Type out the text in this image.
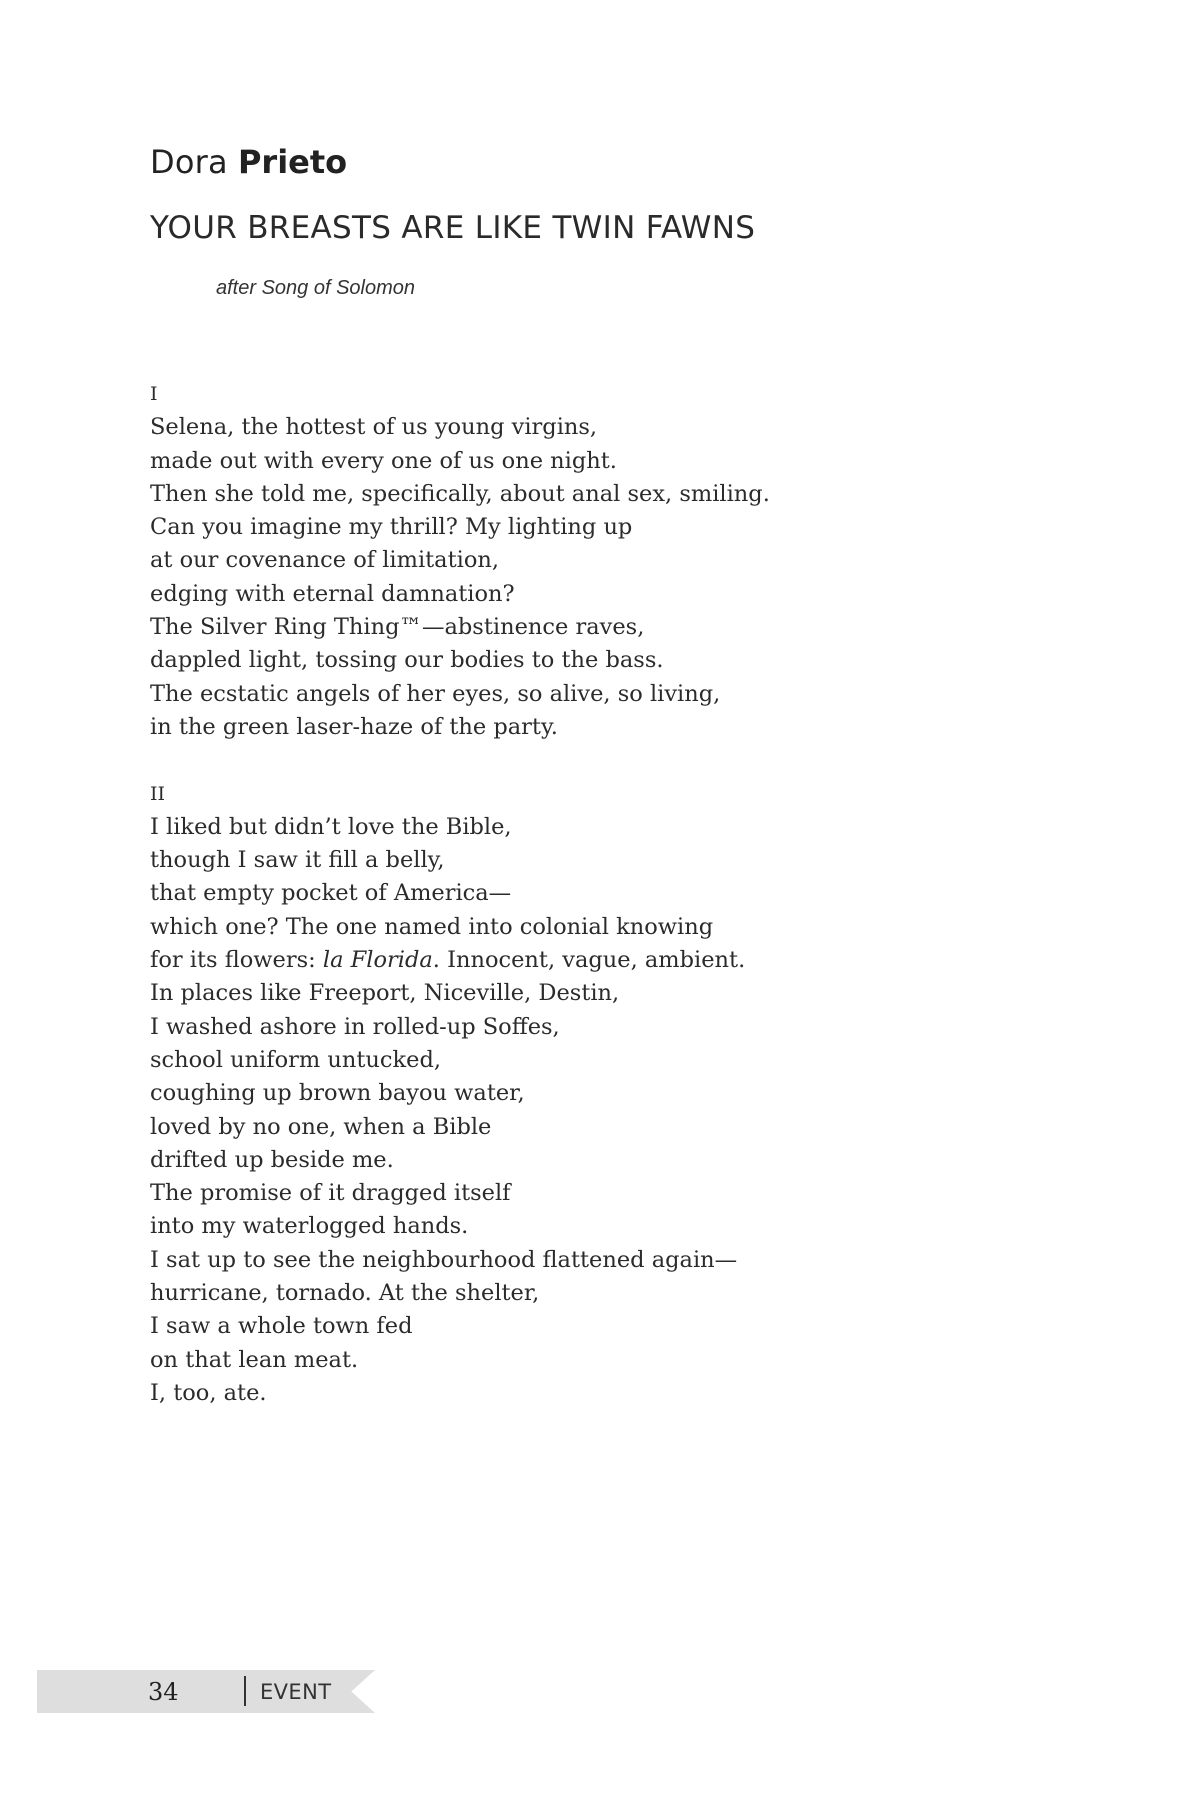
Dora Prieto
YOUR BREASTS ARE LIKE TWIN FAWNS
after Song of Solomon
I
Selena, the hottest of us young virgins,
made out with every one of us one night.
Then she told me, specifically, about anal sex, smiling.
Can you imagine my thrill? My lighting up
at our covenance of limitation,
edging with eternal damnation?
The Silver Ring Thing™—abstinence raves,
dappled light, tossing our bodies to the bass.
The ecstatic angels of her eyes, so alive, so living,
in the green laser-haze of the party.
II
I liked but didn’t love the Bible,
though I saw it fill a belly,
that empty pocket of America—
which one? The one named into colonial knowing
for its flowers: la Florida. Innocent, vague, ambient.
In places like Freeport, Niceville, Destin,
I washed ashore in rolled-up Soffes,
school uniform untucked,
coughing up brown bayou water,
loved by no one, when a Bible
drifted up beside me.
The promise of it dragged itself
into my waterlogged hands.
I sat up to see the neighbourhood flattened again—
hurricane, tornado. At the shelter,
I saw a whole town fed
on that lean meat.
I, too, ate.
34	EVENT
